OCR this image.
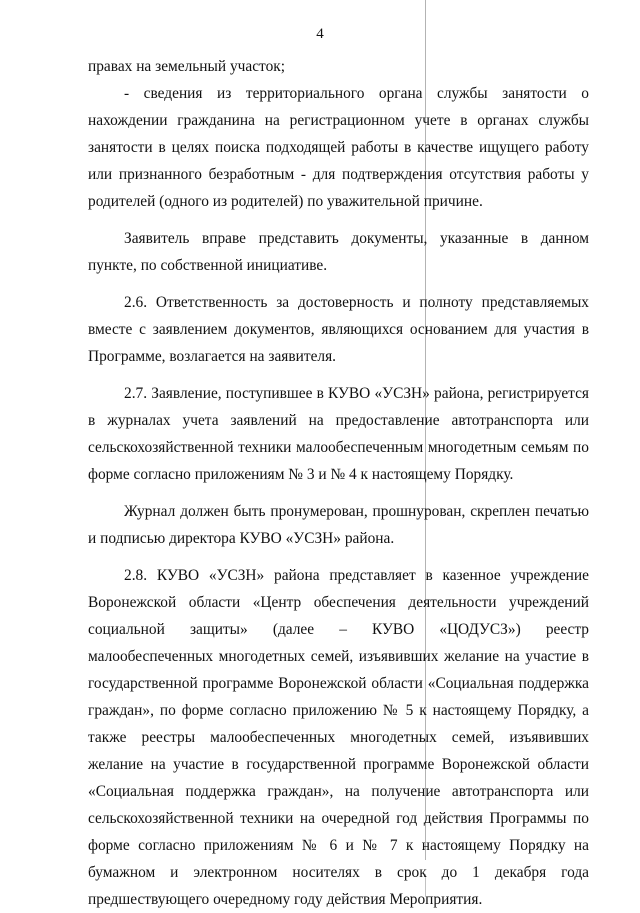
4

правах на земельный участок;

- сведения из территориального органа службы занятости о нахождении гражданина на регистрационном учете в органах службы занятости в целях поиска подходящей работы в качестве ищущего работу или признанного безработным - для подтверждения отсутствия работы у родителей (одного из родителей) по уважительной причине.

Заявитель вправе представить документы, указанные в данном пункте, по собственной инициативе.

2.6. Ответственность за достоверность и полноту представляемых вместе с заявлением документов, являющихся основанием для участия в Программе, возлагается на заявителя.

2.7. Заявление, поступившее в КУВО «УСЗН» района, регистрируется в журналах учета заявлений на предоставление автотранспорта или сельскохозяйственной техники малообеспеченным многодетным семьям по форме согласно приложениям № 3 и № 4 к настоящему Порядку.

Журнал должен быть пронумерован, прошнурован, скреплен печатью и подписью директора КУВО «УСЗН» района.

2.8. КУВО «УСЗН» района представляет в казенное учреждение Воронежской области «Центр обеспечения деятельности учреждений социальной защиты» (далее – КУВО «ЦОДУСЗ») реестр малообеспеченных многодетных семей, изъявивших желание на участие в государственной программе Воронежской области «Социальная поддержка граждан», по форме согласно приложению № 5 к настоящему Порядку, а также реестры малообеспеченных многодетных семей, изъявивших желание на участие в государственной программе Воронежской области «Социальная поддержка граждан», на получение автотранспорта или сельскохозяйственной техники на очередной год действия Программы по форме согласно приложениям № 6 и № 7 к настоящему Порядку на бумажном и электронном носителях в срок до 1 декабря года предшествующего очередному году действия Мероприятия.
